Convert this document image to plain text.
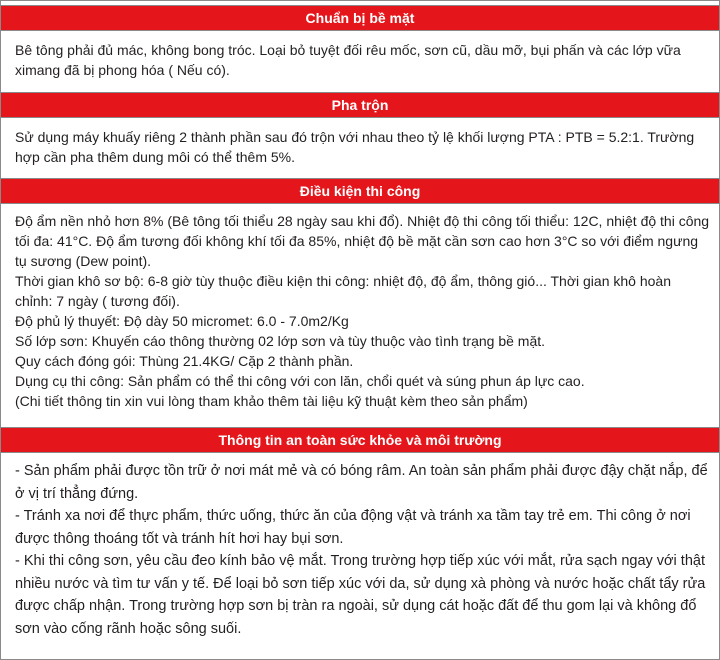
Chuẩn bị bề mặt

Bê tông phải đủ mác, không bong tróc. Loại bỏ tuyệt đối rêu mốc, sơn cũ, dầu mỡ, bụi phấn và các lớp vữa ximang đã bị phong hóa ( Nếu có).

Pha trộn

Sử dụng máy khuấy riêng 2 thành phần sau đó trộn với nhau theo tỷ lệ khối lượng PTA : PTB = 5.2:1. Trường hợp cần pha thêm dung môi có thể thêm 5%.

Điều kiện thi công

Độ ẩm nền nhỏ hơn 8% (Bê tông tối thiểu 28 ngày sau khi đổ). Nhiệt độ thi công tối thiểu: 12C, nhiệt độ thi công tối đa: 41°C. Độ ẩm tương đối không khí tối đa 85%, nhiệt độ bề mặt cần sơn cao hơn 3°C so với điểm ngưng tụ sương (Dew point).

Thời gian khô sơ bộ: 6-8 giờ tùy thuộc điều kiện thi công: nhiệt độ, độ ẩm, thông gió... Thời gian khô hoàn chỉnh: 7 ngày ( tương đối).

Độ phủ lý thuyết: Độ dày 50 micromet: 6.0 - 7.0m2/Kg

Số lớp sơn: Khuyến cáo thông thường 02 lớp sơn và tùy thuộc vào tình trạng bề mặt.

Quy cách đóng gói: Thùng 21.4KG/ Cặp 2 thành phần.

Dụng cụ thi công: Sản phẩm có thể thi công với con lăn, chổi quét và súng phun áp lực cao.

(Chi tiết thông tin xin vui lòng tham khảo thêm tài liệu kỹ thuật kèm theo sản phẩm)

Thông tin an toàn sức khỏe và môi trường

- Sản phẩm phải được tồn trữ ở nơi mát mẻ và có bóng râm. An toàn sản phẩm phải được đậy chặt nắp, để ở vị trí thẳng đứng.

- Tránh xa nơi để thực phẩm, thức uống, thức ăn của động vật và tránh xa tầm tay trẻ em. Thi công ở nơi được thông thoáng tốt và tránh hít hơi hay bụi sơn.

- Khi thi công sơn, yêu cầu đeo kính bảo vệ mắt. Trong trường hợp tiếp xúc với mắt, rửa sạch ngay với thật nhiều nước và tìm tư vấn y tế. Để loại bỏ sơn tiếp xúc với da, sử dụng xà phòng và nước hoặc chất tẩy rửa được chấp nhận. Trong trường hợp sơn bị tràn ra ngoài, sử dụng cát hoặc đất để thu gom lại và không đổ sơn vào cống rãnh hoặc sông suối.
